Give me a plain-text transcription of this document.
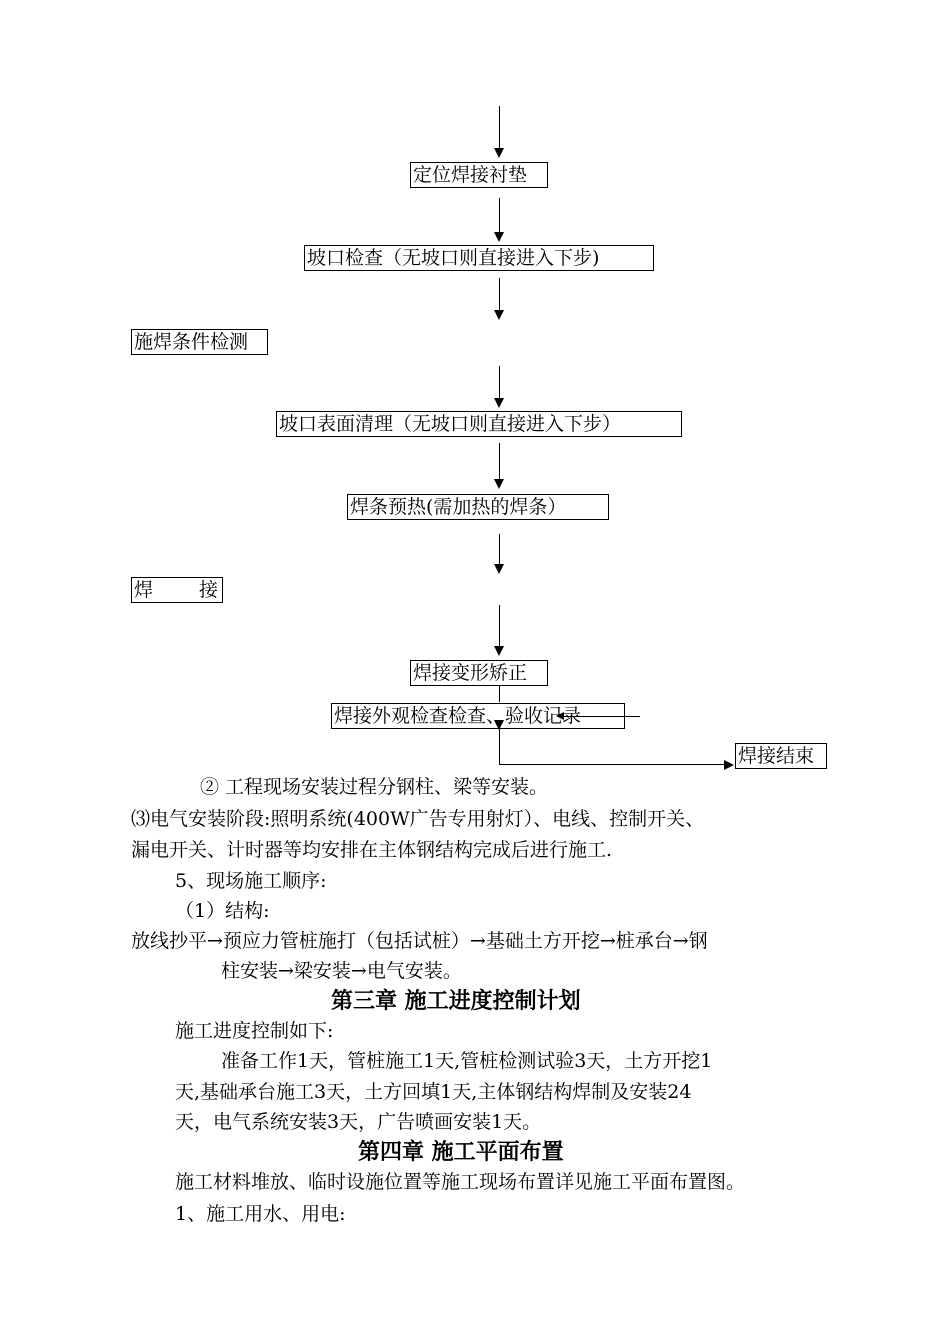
定位焊接衬垫
坡口检查（无坡口则直接进入下步)
施焊条件检测
坡口表面清理（无坡口则直接进入下步）
焊条预热(需加热的焊条）
焊 接
焊接变形矫正
焊接外观检查检查、验收记录
焊接结束
② 工程现场安装过程分钢柱、梁等安装。
⑶电气安装阶段:照明系统(400W广告专用射灯）、电线、控制开关、
漏电开关、计时器等均安排在主体钢结构完成后进行施工.
5、现场施工顺序:
（1）结构:
放线抄平→预应力管桩施打（包括试桩）→基础土方开挖→桩承台→钢
柱安装→梁安装→电气安装。
第三章 施工进度控制计划
施工进度控制如下:
准备工作1天，管桩施工1天,管桩检测试验3天，土方开挖1
天,基础承台施工3天，土方回填1天,主体钢结构焊制及安装24
天，电气系统安装3天，广告喷画安装1天。
第四章 施工平面布置
施工材料堆放、临时设施位置等施工现场布置详见施工平面布置图。
1、施工用水、用电:
